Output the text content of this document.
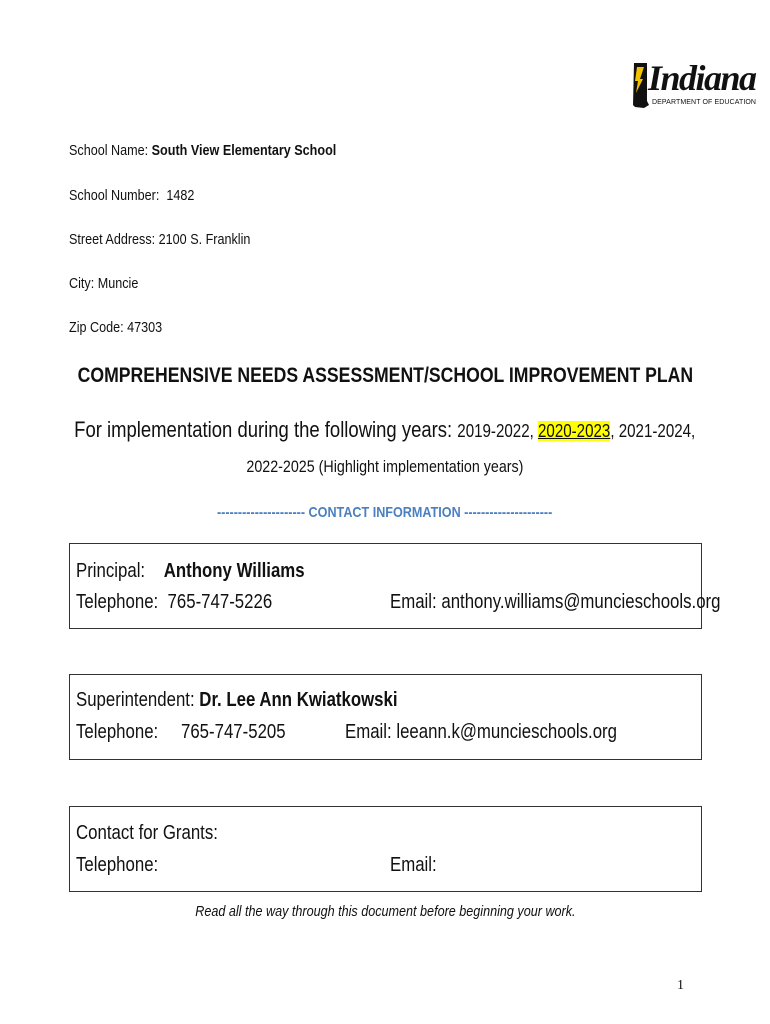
Indiana
DEPARTMENT OF EDUCATION
School Name: South View Elementary School
School Number: 1482
Street Address: 2100 S. Franklin
City: Muncie
Zip Code: 47303
COMPREHENSIVE NEEDS ASSESSMENT/SCHOOL IMPROVEMENT PLAN
For implementation during the following years: 2019-2022, 2020-2023, 2021-2024,
2022-2025 (Highlight implementation years)
--------------------- CONTACT INFORMATION ---------------------
Principal: Anthony Williams
Telephone: 765-747-5226	Email: anthony.williams@muncieschools.org
Superintendent: Dr. Lee Ann Kwiatkowski
Telephone:	765-747-5205	Email: leeann.k@muncieschools.org
Contact for Grants:
Telephone:	Email:
Read all the way through this document before beginning your work.
1
